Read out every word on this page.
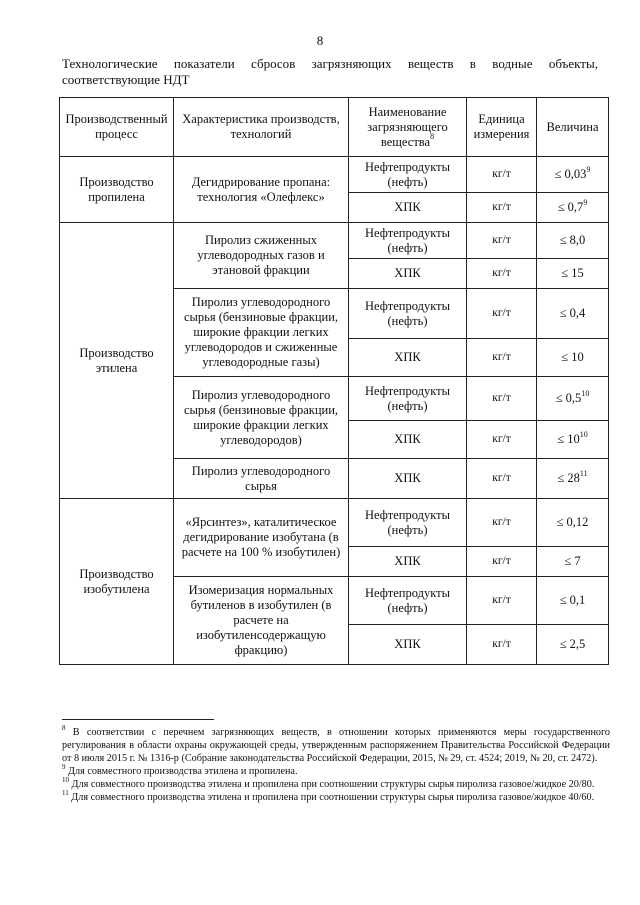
8
Технологические показатели сбросов загрязняющих веществ в водные объекты,
соответствующие НДТ
Производственный процесс	Характеристика производств, технологий	Наименование загрязняющего вещества$^8$	Единица измерения	Величина
Производство пропилена	Дегидрирование пропана: технология «Олефлекс»	Нефтепродукты (нефть)	кг/т	≤ $0,03^9$
		ХПК	кг/т	≤ $0,7^9$
Производство этилена	Пиролиз сжиженных углеводородных газов и этановой фракции	Нефтепродукты (нефть)	кг/т	≤ 8,0
		ХПК	кг/т	≤ 15
	Пиролиз углеводородного сырья (бензиновые фракции, широкие фракции легких углеводородов и сжиженные углеводородные газы)	Нефтепродукты (нефть)	кг/т	≤ 0,4
		ХПК	кг/т	≤ 10
	Пиролиз углеводородного сырья (бензиновые фракции, широкие фракции легких углеводородов)	Нефтепродукты (нефть)	кг/т	≤ $0,5^{10}$
		ХПК	кг/т	≤ $10^{10}$
	Пиролиз углеводородного сырья	ХПК	кг/т	≤ $28^{11}$
Производство изобутилена	«Ярсинтез», каталитическое дегидрирование изобутана (в расчете на 100 % изобутилен)	Нефтепродукты (нефть)	кг/т	≤ 0,12
		ХПК	кг/т	≤ 7
	Изомеризация нормальных бутиленов в изобутилен (в расчете на изобутиленсодержащую фракцию)	Нефтепродукты (нефть)	кг/т	≤ 0,1
		ХПК	кг/т	≤ 2,5

$^8$ В соответствии с перечнем загрязняющих веществ, в отношении которых применяются меры государственного регулирования в области охраны окружающей среды, утвержденным распоряжением Правительства Российской Федерации от 8 июля 2015 г. № 1316-р (Собрание законодательства Российской Федерации, 2015, № 29, ст. 4524; 2019, № 20, ст. 2472).

$^9$ Для совместного производства этилена и пропилена.

$^{10}$ Для совместного производства этилена и пропилена при соотношении структуры сырья пиролиза газовое/жидкое 20/80.

$^{11}$ Для совместного производства этилена и пропилена при соотношении структуры сырья пиролиза газовое/жидкое 40/60.
